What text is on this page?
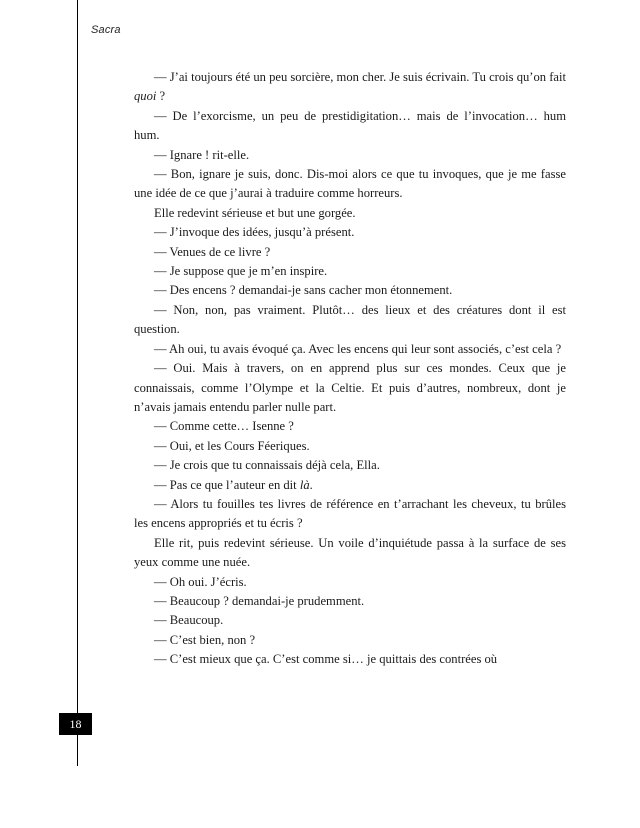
Sacra

— J’ai toujours été un peu sorcière, mon cher. Je suis écrivain. Tu crois qu’on fait quoi ?

— De l’exorcisme, un peu de prestidigitation… mais de l’invocation… hum hum.

— Ignare ! rit-elle.

— Bon, ignare je suis, donc. Dis-moi alors ce que tu invoques, que je me fasse une idée de ce que j’aurai à traduire comme horreurs.

Elle redevint sérieuse et but une gorgée.

— J’invoque des idées, jusqu’à présent.

— Venues de ce livre ?

— Je suppose que je m’en inspire.

— Des encens ? demandai-je sans cacher mon étonnement.

— Non, non, pas vraiment. Plutôt… des lieux et des créatures dont il est question.

— Ah oui, tu avais évoqué ça. Avec les encens qui leur sont associés, c’est cela ?

— Oui. Mais à travers, on en apprend plus sur ces mondes. Ceux que je connaissais, comme l’Olympe et la Celtie. Et puis d’autres, nombreux, dont je n’avais jamais entendu parler nulle part.

— Comme cette… Isenne ?

— Oui, et les Cours Féeriques.

— Je crois que tu connaissais déjà cela, Ella.

— Pas ce que l’auteur en dit là.

— Alors tu fouilles tes livres de référence en t’arrachant les cheveux, tu brûles les encens appropriés et tu écris ?

Elle rit, puis redevint sérieuse. Un voile d’inquiétude passa à la surface de ses yeux comme une nuée.

— Oh oui. J’écris.

— Beaucoup ? demandai-je prudemment.

— Beaucoup.

— C’est bien, non ?

— C’est mieux que ça. C’est comme si… je quittais des contrées où

18
